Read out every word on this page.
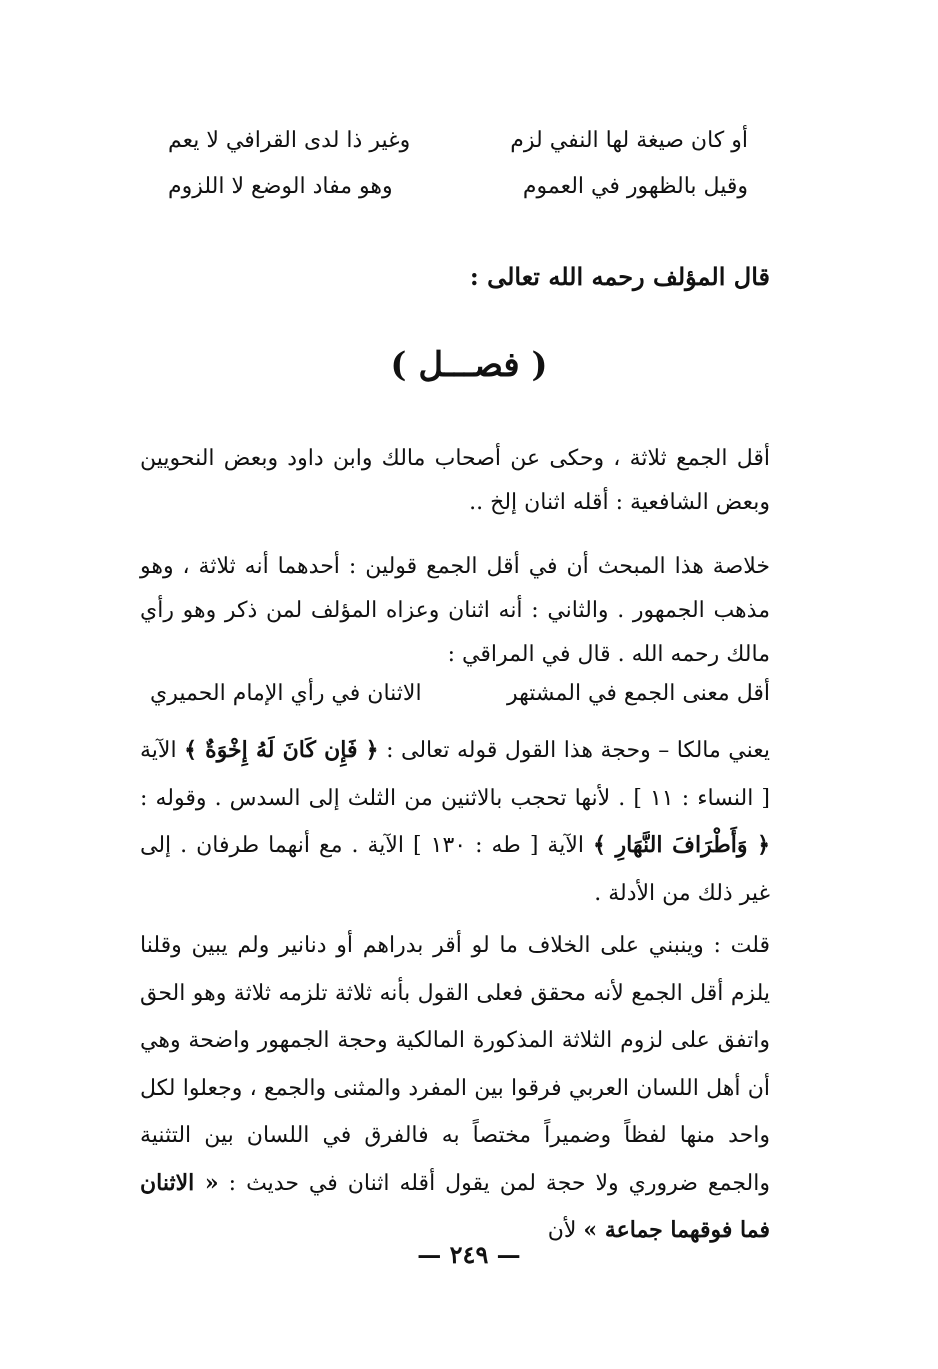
أو كان صيغة لها النفي لزم
وغير ذا لدى القرافي لا يعم
وقيل بالظهور في العموم
وهو مفاد الوضع لا اللزوم
قال المؤلف رحمه الله تعالى :
( فصـــل )
أقل الجمع ثلاثة ، وحكى عن أصحاب مالك وابن داود وبعض النحويين وبعض الشافعية : أقله اثنان إلخ ..
خلاصة هذا المبحث أن في أقل الجمع قولين : أحدهما أنه ثلاثة ، وهو مذهب الجمهور . والثاني : أنه اثنان وعزاه المؤلف لمن ذكر وهو رأي مالك رحمه الله . قال في المراقي :
أقل معنى الجمع في المشتهر
الاثنان في رأي الإمام الحميري
يعني مالكا – وحجة هذا القول قوله تعالى : ﴿ فَإِن كَانَ لَهُ إِخْوَةٌ ﴾ الآية [ النساء : ١١ ] . لأنها تحجب بالاثنين من الثلث إلى السدس . وقوله : ﴿ وَأَطْرَافَ النَّهَارِ ﴾ الآية [ طه : ١٣٠ ] الآية . مع أنهما طرفان . إلى غير ذلك من الأدلة .
قلت : وينبني على الخلاف ما لو أقر بدراهم أو دنانير ولم يبين وقلنا يلزم أقل الجمع لأنه محقق فعلى القول بأنه ثلاثة تلزمه ثلاثة وهو الحق واتفق على لزوم الثلاثة المذكورة المالكية وحجة الجمهور واضحة وهي أن أهل اللسان العربي فرقوا بين المفرد والمثنى والجمع ، وجعلوا لكل واحد منها لفظاً وضميراً مختصاً به فالفرق في اللسان بين التثنية والجمع ضروري ولا حجة لمن يقول أقله اثنان في حديث : « الاثنان فما فوقهما جماعة » لأن
— ٢٤٩ —
